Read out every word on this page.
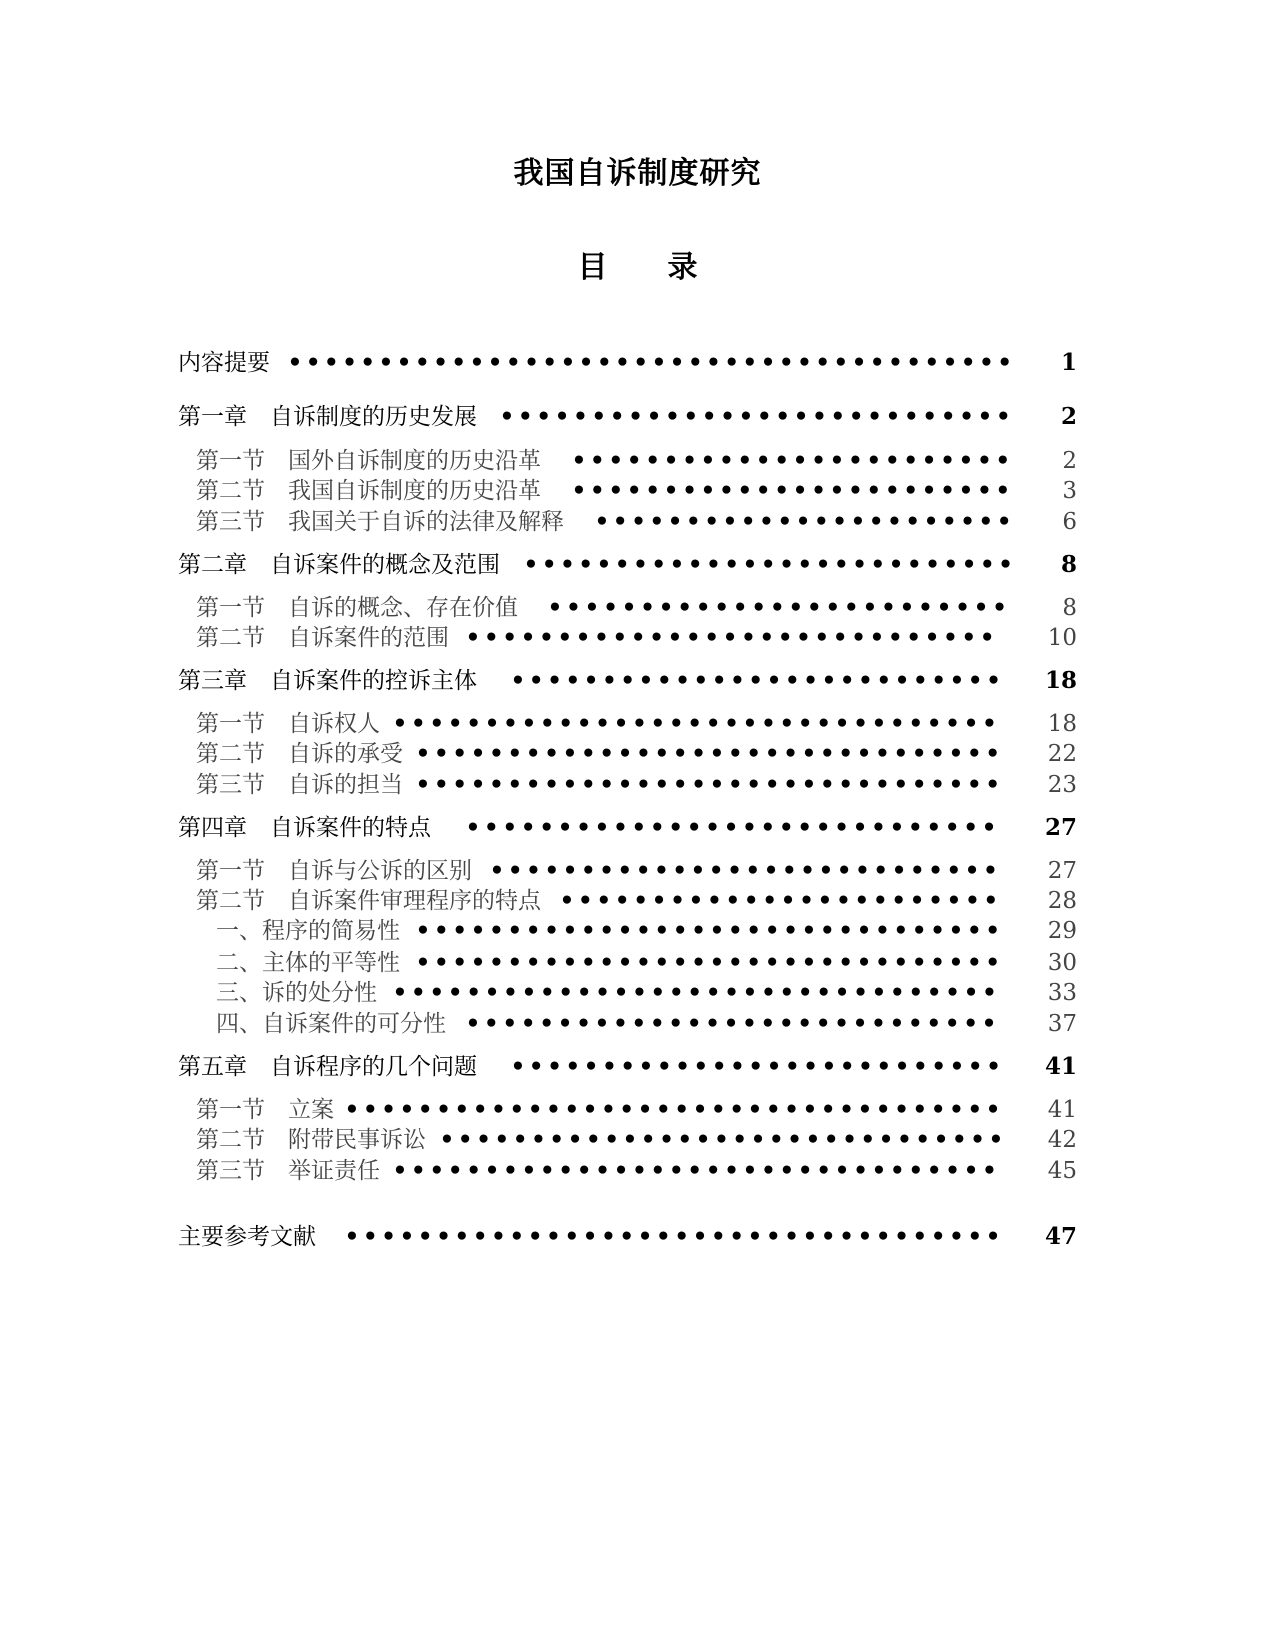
我国自诉制度研究
目录
内容提要 •••••••••••••••••••••••••••••••••••••••• 1
第一章　自诉制度的历史发展 •••••••••••••••••••••••••••• 2
第一节　国外自诉制度的历史沿革 •••••••••••••••••••••••• 2
第二节　我国自诉制度的历史沿革 •••••••••••••••••••••••• 3
第三节　我国关于自诉的法律及解释 ••••••••••••••••••••••• 6
第二章　自诉案件的概念及范围 ••••••••••••••••••••••••••• 8
第一节　自诉的概念、存在价值 ••••••••••••••••••••••••• 8
第二节　自诉案件的范围 ••••••••••••••••••••••••••••• 10
第三章　自诉案件的控诉主体 ••••••••••••••••••••••••••• 18
第一节　自诉权人 ••••••••••••••••••••••••••••••••• 18
第二节　自诉的承受 •••••••••••••••••••••••••••••••• 22
第三节　自诉的担当 •••••••••••••••••••••••••••••••• 23
第四章　自诉案件的特点 ••••••••••••••••••••••••••••• 27
第一节　自诉与公诉的区别 •••••••••••••••••••••••••••• 27
第二节　自诉案件审理程序的特点 •••••••••••••••••••••••• 28
一、程序的简易性 •••••••••••••••••••••••••••••••• 29
二、主体的平等性 •••••••••••••••••••••••••••••••• 30
三、诉的处分性 ••••••••••••••••••••••••••••••••• 33
四、自诉案件的可分性 ••••••••••••••••••••••••••••• 37
第五章　自诉程序的几个问题 ••••••••••••••••••••••••••• 41
第一节　立案 •••••••••••••••••••••••••••••••••••• 41
第二节　附带民事诉讼 ••••••••••••••••••••••••••••••• 42
第三节　举证责任 ••••••••••••••••••••••••••••••••• 45
主要参考文献 •••••••••••••••••••••••••••••••••••• 47
